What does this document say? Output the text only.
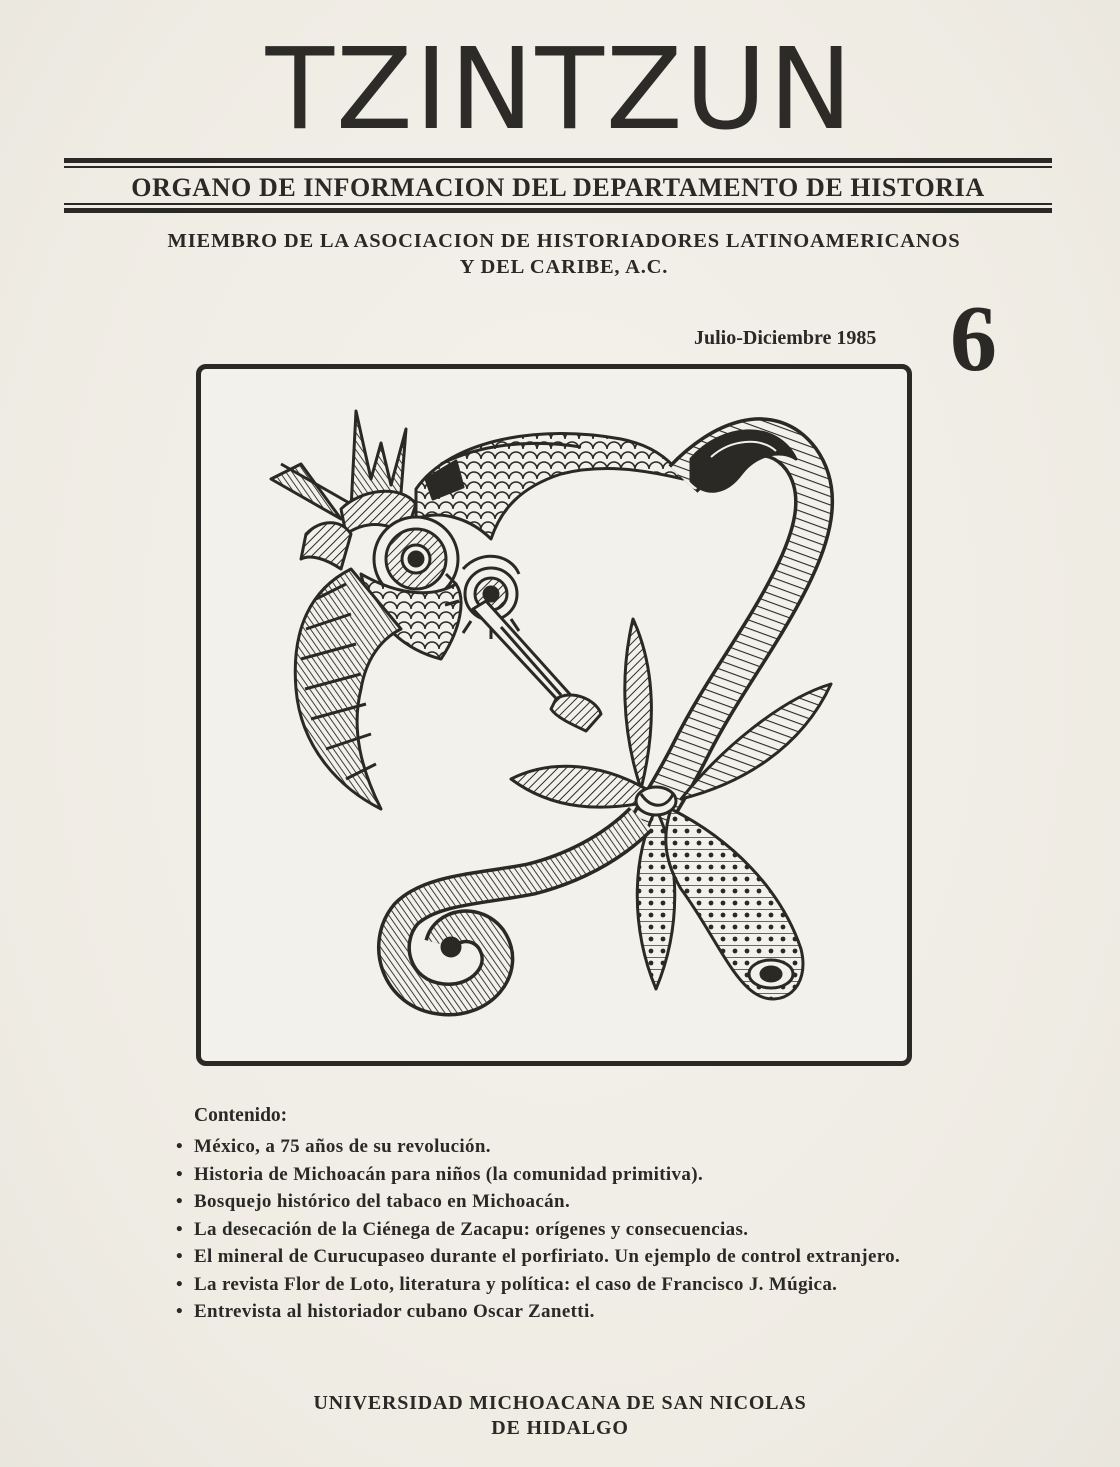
TZINTZUN
ORGANO DE INFORMACION DEL DEPARTAMENTO DE HISTORIA
MIEMBRO DE LA ASOCIACION DE HISTORIADORES LATINOAMERICANOS
Y DEL CARIBE, A.C.
Julio-Diciembre 1985 6
Contenido:
• México, a 75 años de su revolución.
• Historia de Michoacán para niños (la comunidad primitiva).
• Bosquejo histórico del tabaco en Michoacán.
• La desecación de la Ciénega de Zacapu: orígenes y consecuencias.
• El mineral de Curucupaseo durante el porfiriato. Un ejemplo de control extranjero.
• La revista Flor de Loto, literatura y política: el caso de Francisco J. Múgica.
• Entrevista al historiador cubano Oscar Zanetti.
UNIVERSIDAD MICHOACANA DE SAN NICOLAS
DE HIDALGO
